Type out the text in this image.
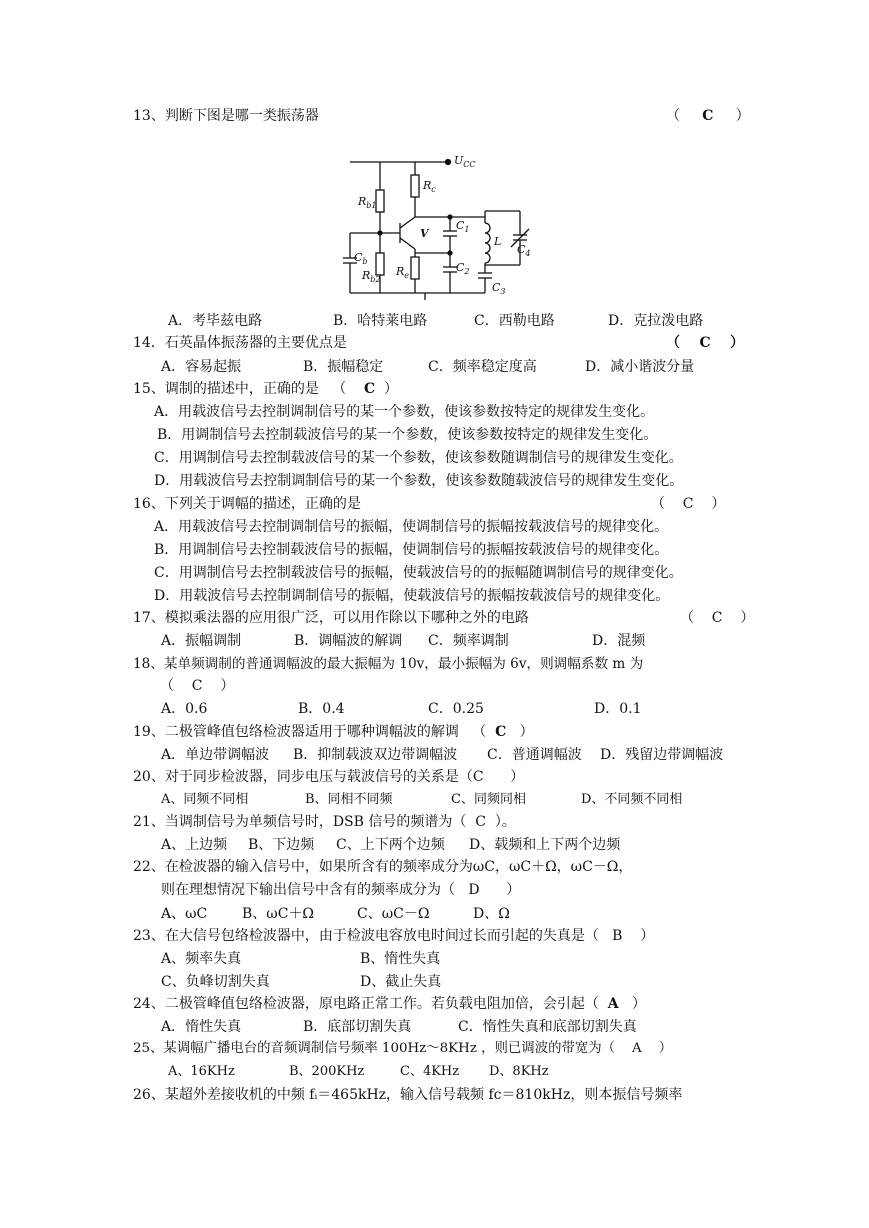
13、判断下图是哪一类振荡器	（ C ）
$U_{CC}$
$R_c$
$R_{b1}$
V
$C_1$
L
$C_4$
$C_b$
$R_{b2}$
$R_e$
$C_2$
$C_3$
A．考毕兹电路	B．哈特莱电路	C．西勒电路	D．克拉泼电路
14．石英晶体振荡器的主要优点是	（    C    ）
A．容易起振	B．振幅稳定	C．频率稳定度高	D．减小谐波分量
15、调制的描述中，正确的是   （    C  ）
A．用载波信号去控制调制信号的某一个参数，使该参数按特定的规律发生变化。
B．用调制信号去控制载波信号的某一个参数，使该参数按特定的规律发生变化。
C．用调制信号去控制载波信号的某一个参数，使该参数随调制信号的规律发生变化。
D．用载波信号去控制调制信号的某一个参数，使该参数随载波信号的规律发生变化。
16、下列关于调幅的描述，正确的是	（    C    ）
A．用载波信号去控制调制信号的振幅，使调制信号的振幅按载波信号的规律变化。
B．用调制信号去控制载波信号的振幅，使调制信号的振幅按载波信号的规律变化。
C．用调制信号去控制载波信号的振幅，使载波信号的的振幅随调制信号的规律变化。
D．用载波信号去控制调制信号的振幅，使载波信号的振幅按载波信号的规律变化。
17、模拟乘法器的应用很广泛，可以用作除以下哪种之外的电路	（    C    ）
A．振幅调制	B．调幅波的解调 C．频率调制	D．混频
18、某单频调制的普通调幅波的最大振幅为 10v，最小振幅为 6v，则调幅系数 m 为
（    C    ）
A．0.6	B．0.4	C．0.25	D．0.1
19、二极管峰值包络检波器适用于哪种调幅波的解调   （  C   ）
A．单边带调幅波 B．抑制载波双边带调幅波 C．普通调幅波 D．残留边带调幅波
20、对于同步检波器，同步电压与载波信号的关系是（C      ）
A、同频不同相	B、同相不同频	C、同频同相	D、不同频不同相
21、当调制信号为单频信号时，DSB 信号的频谱为（  C  ）。
A、上边频 B、下边频 C、上下两个边频 D、载频和上下两个边频
22、在检波器的输入信号中，如果所含有的频率成分为ωC，ωC＋Ω，ωC－Ω，
则在理想情况下输出信号中含有的频率成分为（   D      ）
A、ωC B、ωC＋Ω	C、ωC－Ω	D、Ω
23、在大信号包络检波器中，由于检波电容放电时间过长而引起的失真是（   B    ）
A、频率失真	B、惰性失真
C、负峰切割失真	D、截止失真
24、二极管峰值包络检波器，原电路正常工作。若负载电阻加倍，会引起（  A   ）
A．惰性失真	B．底部切割失真	C．惰性失真和底部切割失真
25、某调幅广播电台的音频调制信号频率 100Hz～8KHz ，则已调波的带宽为（    A    ）
A、16KHz	B、200KHz	C、4KHz D、8KHz
26、某超外差接收机的中频 fᵢ＝465kHz，输入信号载频 fc＝810kHz，则本振信号频率
